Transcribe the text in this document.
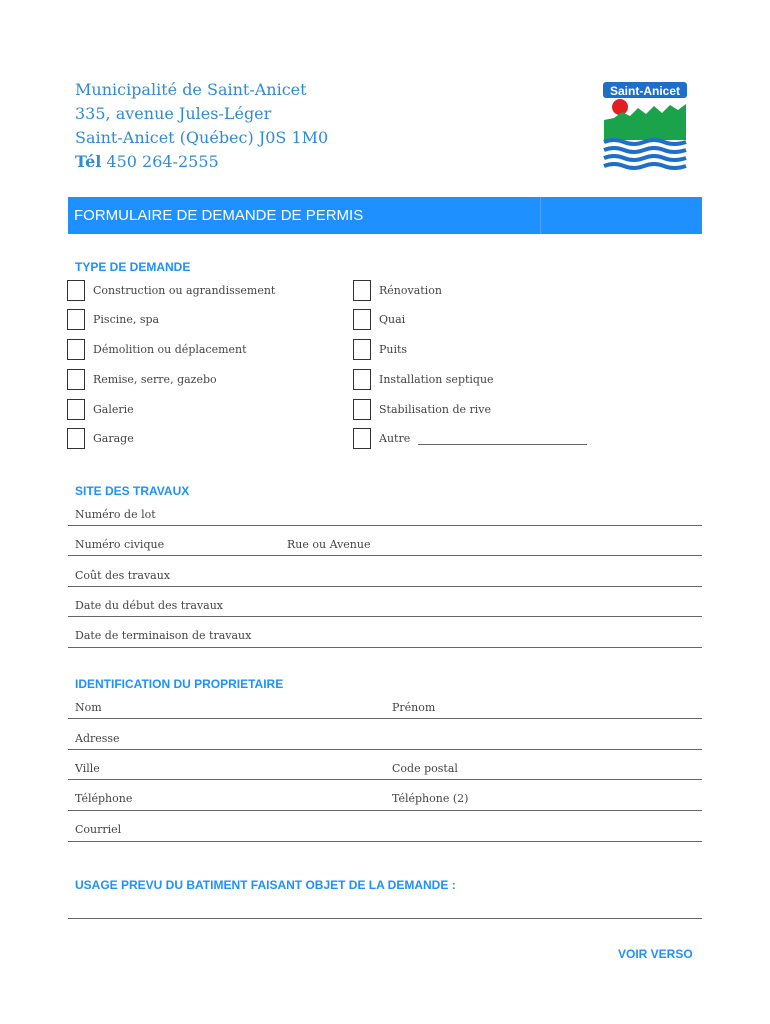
Municipalité de Saint-Anicet
335, avenue Jules-Léger
Saint-Anicet (Québec) J0S 1M0
Tél 450 264-2555
Saint-Anicet
FORMULAIRE DE DEMANDE DE PERMIS
TYPE DE DEMANDE
Construction ou agrandissement
Piscine, spa
Démolition ou déplacement
Remise, serre, gazebo
Galerie
Garage
Rénovation
Quai
Puits
Installation septique
Stabilisation de rive
Autre
SITE DES TRAVAUX
Numéro de lot
Numéro civique	Rue ou Avenue
Coût des travaux
Date du début des travaux
Date de terminaison de travaux
IDENTIFICATION DU PROPRIETAIRE
Nom	Prénom
Adresse
Ville	Code postal
Téléphone	Téléphone (2)
Courriel
USAGE PREVU DU BATIMENT FAISANT OBJET DE LA DEMANDE :
VOIR VERSO
